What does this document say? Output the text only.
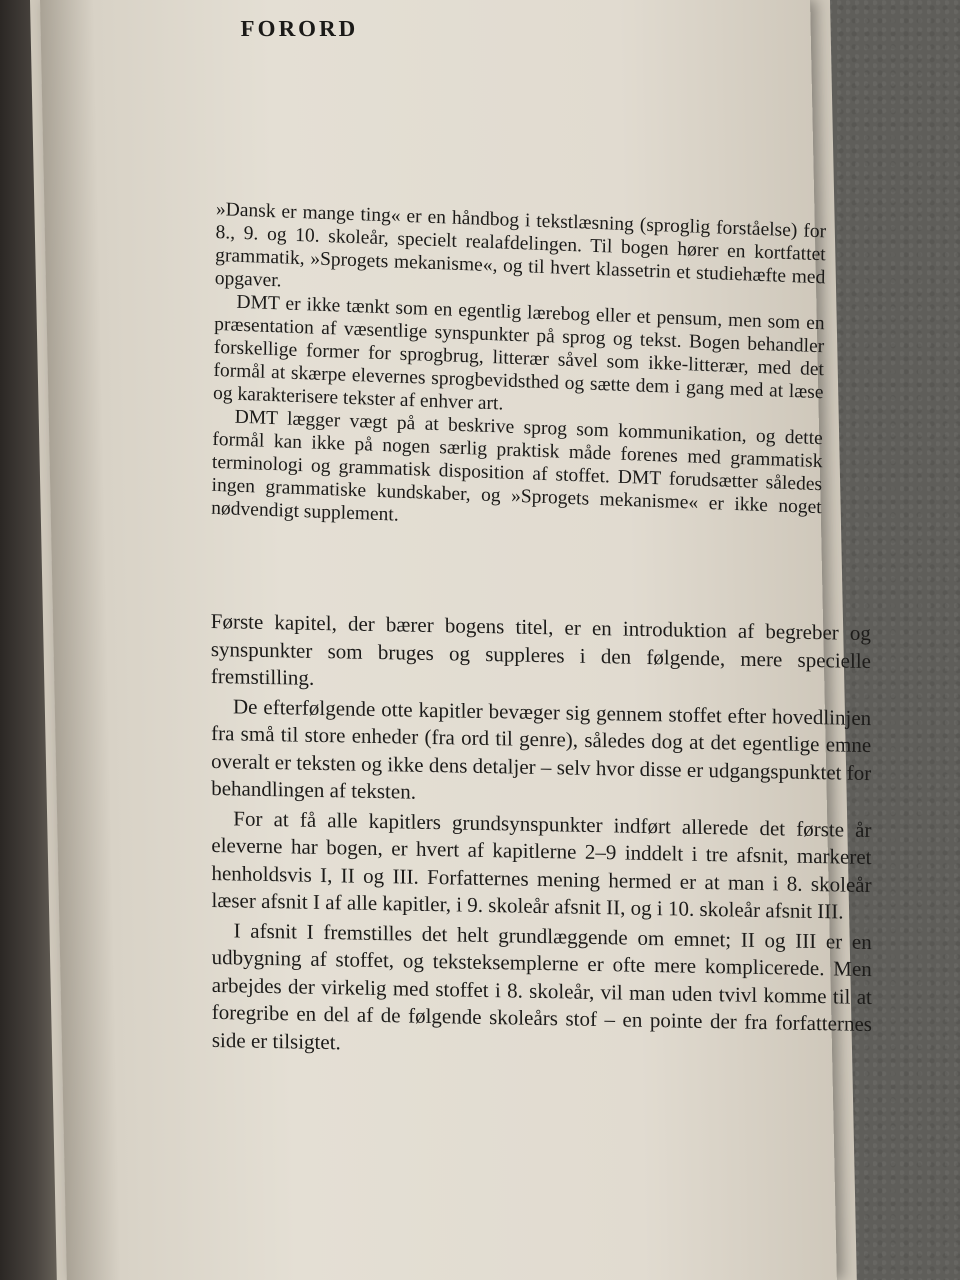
FORORD

»Dansk er mange ting« er en håndbog i tekstlæsning (sproglig forståelse) for 8., 9. og 10. skoleår, specielt realafdelingen. Til bogen hører en kortfattet grammatik, »Sprogets mekanisme«, og til hvert klassetrin et studiehæfte med opgaver.

DMT er ikke tænkt som en egentlig lærebog eller et pensum, men som en præsentation af væsentlige synspunkter på sprog og tekst. Bogen behandler forskellige former for sprogbrug, litterær såvel som ikke-litterær, med det formål at skærpe elevernes sprogbevidsthed og sætte dem i gang med at læse og karakterisere tekster af enhver art.

DMT lægger vægt på at beskrive sprog som kommunikation, og dette formål kan ikke på nogen særlig praktisk måde forenes med grammatisk terminologi og grammatisk disposition af stoffet. DMT forudsætter således ingen grammatiske kundskaber, og »Sprogets mekanisme« er ikke noget nødvendigt supplement.

Første kapitel, der bærer bogens titel, er en introduktion af begreber og synspunkter som bruges og suppleres i den følgende, mere specielle fremstilling.

De efterfølgende otte kapitler bevæger sig gennem stoffet efter hovedlinjen fra små til store enheder (fra ord til genre), således dog at det egentlige emne overalt er teksten og ikke dens detaljer – selv hvor disse er udgangspunktet for behandlingen af teksten.

For at få alle kapitlers grundsynspunkter indført allerede det første år eleverne har bogen, er hvert af kapitlerne 2–9 inddelt i tre afsnit, markeret henholdsvis I, II og III. Forfatternes mening hermed er at man i 8. skoleår læser afsnit I af alle kapitler, i 9. skoleår afsnit II, og i 10. skoleår afsnit III.

I afsnit I fremstilles det helt grundlæggende om emnet; II og III er en udbygning af stoffet, og teksteksemplerne er ofte mere komplicerede. Men arbejdes der virkelig med stoffet i 8. skoleår, vil man uden tvivl komme til at foregribe en del af de følgende skoleårs stof – en pointe der fra forfatternes side er tilsigtet.
